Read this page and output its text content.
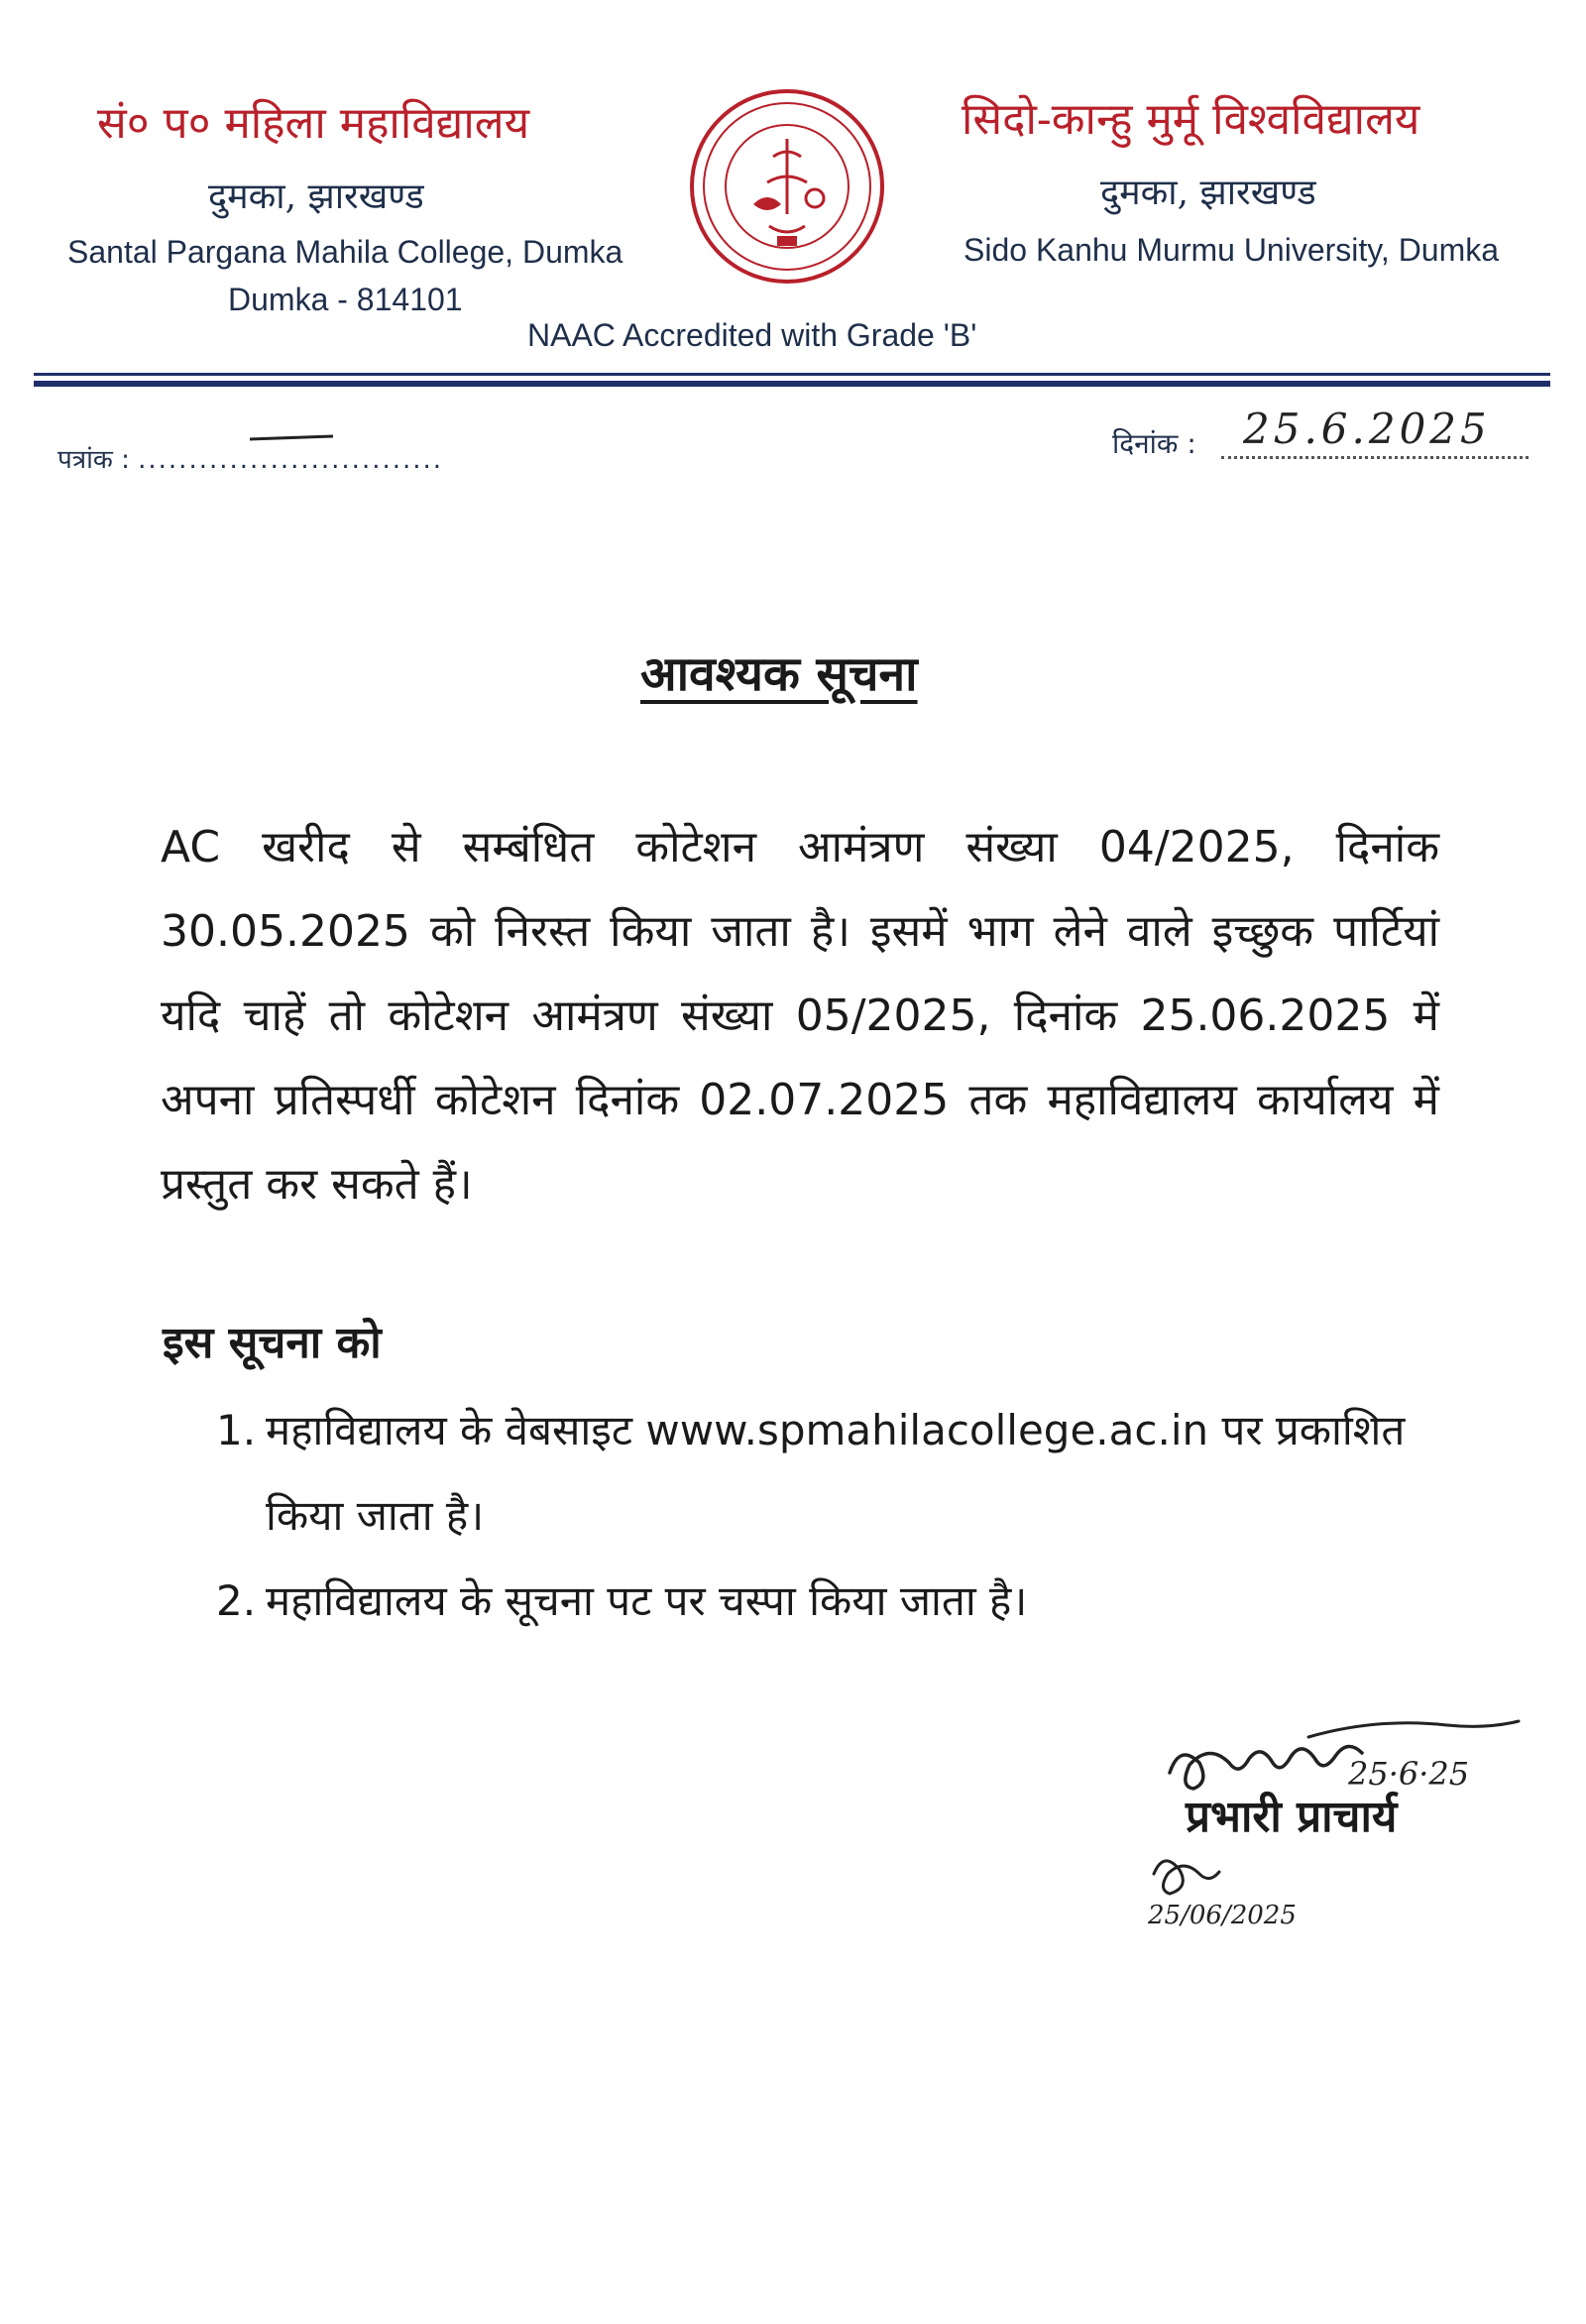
सं० प० महिला महाविद्यालय
दुमका, झारखण्ड
Santal Pargana Mahila College, Dumka
Dumka - 814101
सिदो-कान्हु मुर्मू विश्वविद्यालय
दुमका, झारखण्ड
Sido Kanhu Murmu University, Dumka
NAAC Accredited with Grade 'B'
पत्रांक : ..............................	दिनांक : 25.6.2025
आवश्यक सूचना
AC खरीद से सम्बंधित कोटेशन आमंत्रण संख्या 04/2025, दिनांक 30.05.2025 को निरस्त किया जाता है। इसमें भाग लेने वाले इच्छुक पार्टियां यदि चाहें तो कोटेशन आमंत्रण संख्या 05/2025, दिनांक 25.06.2025 में अपना प्रतिस्पर्धी कोटेशन दिनांक 02.07.2025 तक महाविद्यालय कार्यालय में प्रस्तुत कर सकते हैं।
इस सूचना को
1. महाविद्यालय के वेबसाइट www.spmahilacollege.ac.in पर प्रकाशित किया जाता है।
2. महाविद्यालय के सूचना पट पर चस्पा किया जाता है।
25·6·25
प्रभारी प्राचार्य
25/06/2025
